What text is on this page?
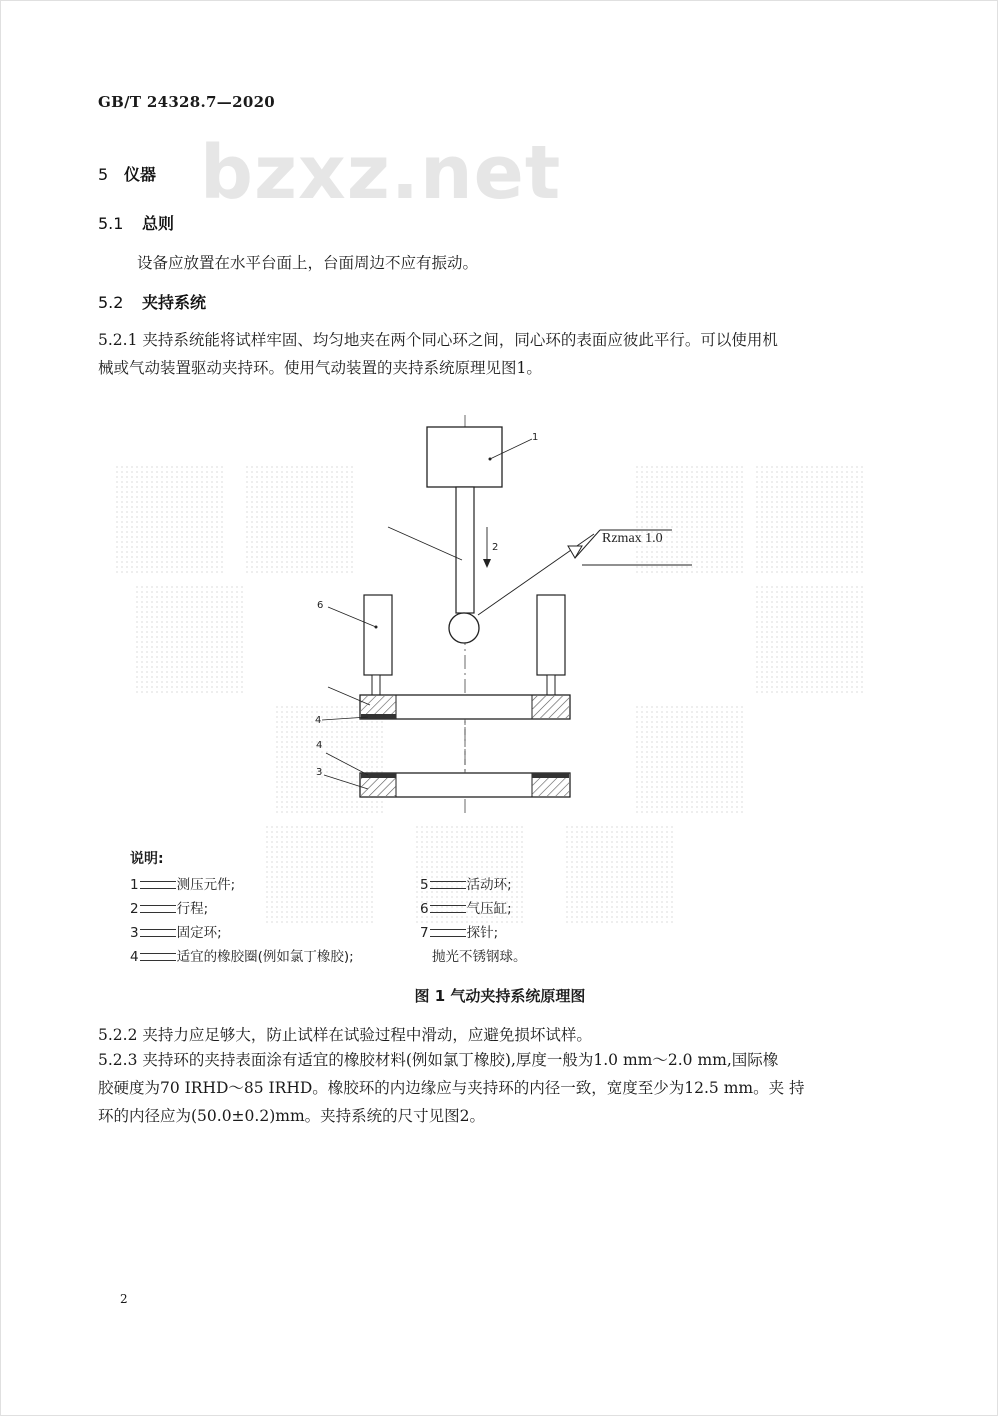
GB/T 24328.7—2020
bzxz.net
5 仪器
5.1 总则
设备应放置在水平台面上，台面周边不应有振动。
5.2 夹持系统
5.2.1 夹持系统能将试样牢固、均匀地夹在两个同心环之间，同心环的表面应彼此平行。可以使用机
械或气动装置驱动夹持环。使用气动装置的夹持系统原理见图1。
1
2
Rzmax 1.0
6
4
4
3
说明:
1	测压元件;
2	行程;
3	固定环;
4	适宜的橡胶圈(例如氯丁橡胶);
5	活动环;
6	气压缸;
7	探针;
抛光不锈钢球。
图 1 气动夹持系统原理图
5.2.2 夹持力应足够大，防止试样在试验过程中滑动，应避免损坏试样。
5.2.3 夹持环的夹持表面涂有适宜的橡胶材料(例如氯丁橡胶),厚度一般为1.0 mm～2.0 mm,国际橡
胶硬度为70 IRHD～85 IRHD。橡胶环的内边缘应与夹持环的内径一致，宽度至少为12.5 mm。夹 持
环的内径应为(50.0±0.2)mm。夹持系统的尺寸见图2。
2
